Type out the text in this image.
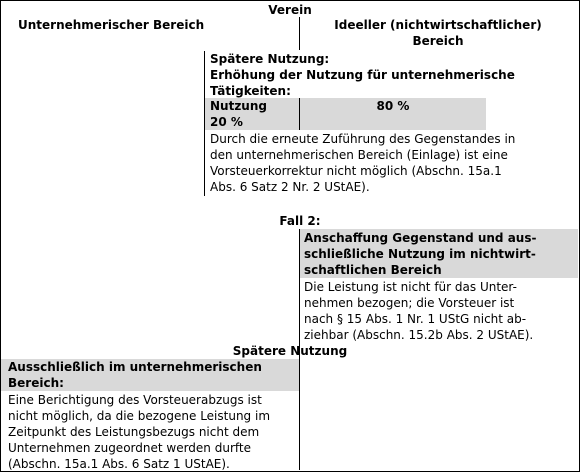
Verein
Unternehmerischer Bereich	Ideeller (nichtwirtschaftlicher)
Bereich
Spätere Nutzung:
Erhöhung der Nutzung für unternehmerische
Tätigkeiten:
Nutzung
20 %
80 %
Durch die erneute Zuführung des Gegenstandes in
den unternehmerischen Bereich (Einlage) ist eine
Vorsteuerkorrektur nicht möglich (Abschn. 15a.1
Abs. 6 Satz 2 Nr. 2 UStAE).
Fall 2:
Anschaffung Gegenstand und aus-
schließliche Nutzung im nichtwirt-
schaftlichen Bereich
Die Leistung ist nicht für das Unter-
nehmen bezogen; die Vorsteuer ist
nach § 15 Abs. 1 Nr. 1 UStG nicht ab-
ziehbar (Abschn. 15.2b Abs. 2 UStAE).
Spätere Nutzung
Ausschließlich im unternehmerischen
Bereich:
Eine Berichtigung des Vorsteuerabzugs ist
nicht möglich, da die bezogene Leistung im
Zeitpunkt des Leistungsbezugs nicht dem
Unternehmen zugeordnet werden durfte
(Abschn. 15a.1 Abs. 6 Satz 1 UStAE).
